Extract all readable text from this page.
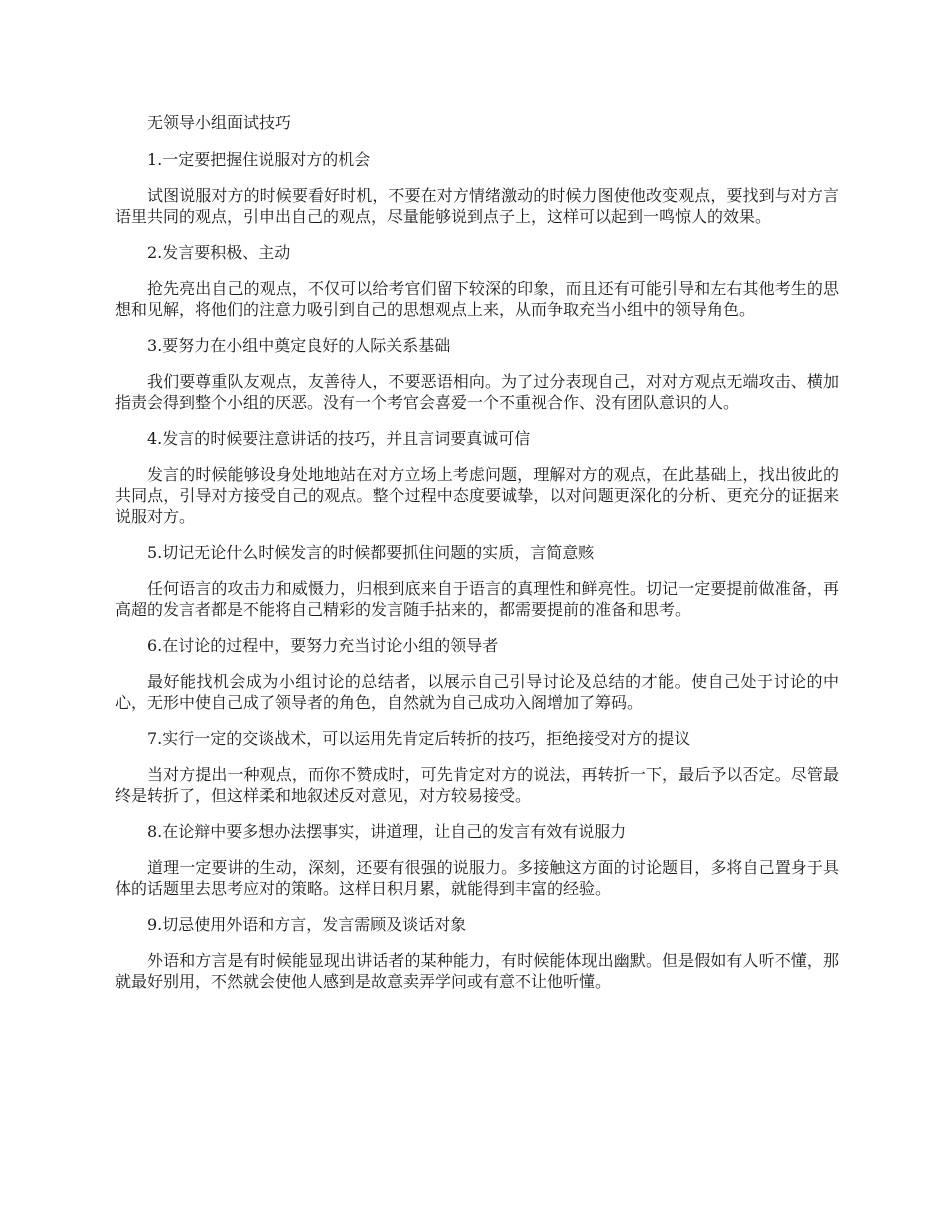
无领导小组面试技巧

1.一定要把握住说服对方的机会

试图说服对方的时候要看好时机，不要在对方情绪激动的时候力图使他改变观点，要找到与对方言语里共同的观点，引申出自己的观点，尽量能够说到点子上，这样可以起到一鸣惊人的效果。

2.发言要积极、主动

抢先亮出自己的观点，不仅可以给考官们留下较深的印象，而且还有可能引导和左右其他考生的思想和见解，将他们的注意力吸引到自己的思想观点上来，从而争取充当小组中的领导角色。

3.要努力在小组中奠定良好的人际关系基础

我们要尊重队友观点，友善待人，不要恶语相向。为了过分表现自己，对对方观点无端攻击、横加指责会得到整个小组的厌恶。没有一个考官会喜爱一个不重视合作、没有团队意识的人。

4.发言的时候要注意讲话的技巧，并且言词要真诚可信

发言的时候能够设身处地地站在对方立场上考虑问题，理解对方的观点，在此基础上，找出彼此的共同点，引导对方接受自己的观点。整个过程中态度要诚挚，以对问题更深化的分析、更充分的证据来说服对方。

5.切记无论什么时候发言的时候都要抓住问题的实质，言简意赅

任何语言的攻击力和威慑力，归根到底来自于语言的真理性和鲜亮性。切记一定要提前做准备，再高超的发言者都是不能将自己精彩的发言随手拈来的，都需要提前的准备和思考。

6.在讨论的过程中，要努力充当讨论小组的领导者

最好能找机会成为小组讨论的总结者，以展示自己引导讨论及总结的才能。使自己处于讨论的中心，无形中使自己成了领导者的角色，自然就为自己成功入阁增加了筹码。

7.实行一定的交谈战术，可以运用先肯定后转折的技巧，拒绝接受对方的提议

当对方提出一种观点，而你不赞成时，可先肯定对方的说法，再转折一下，最后予以否定。尽管最终是转折了，但这样柔和地叙述反对意见，对方较易接受。

8.在论辩中要多想办法摆事实，讲道理，让自己的发言有效有说服力

道理一定要讲的生动，深刻，还要有很强的说服力。多接触这方面的讨论题目，多将自己置身于具体的话题里去思考应对的策略。这样日积月累，就能得到丰富的经验。

9.切忌使用外语和方言，发言需顾及谈话对象

外语和方言是有时候能显现出讲话者的某种能力，有时候能体现出幽默。但是假如有人听不懂，那就最好别用，不然就会使他人感到是故意卖弄学问或有意不让他听懂。
